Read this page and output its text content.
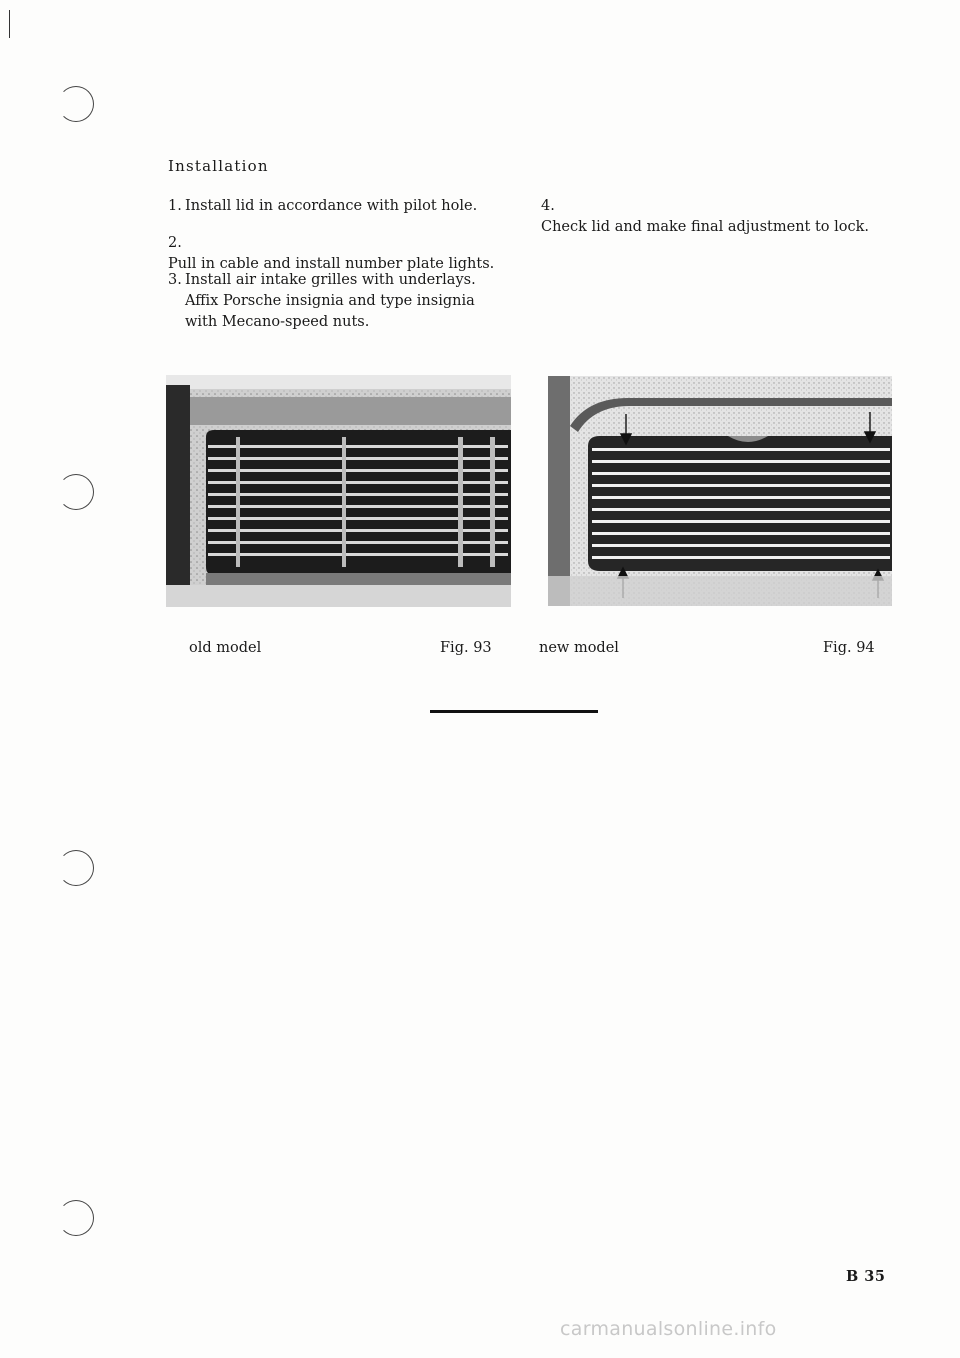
Installation
1. Install lid in accordance with pilot hole.
2.Pull in cable and install number plate lights.
3. Install air intake grilles with underlays. Affix Porsche insignia and type insignia with Mecano-speed nuts.
4.Check lid and make final adjustment to lock.
old model	Fig. 93	new model	Fig. 94
B 35
carmanualsonline.info
